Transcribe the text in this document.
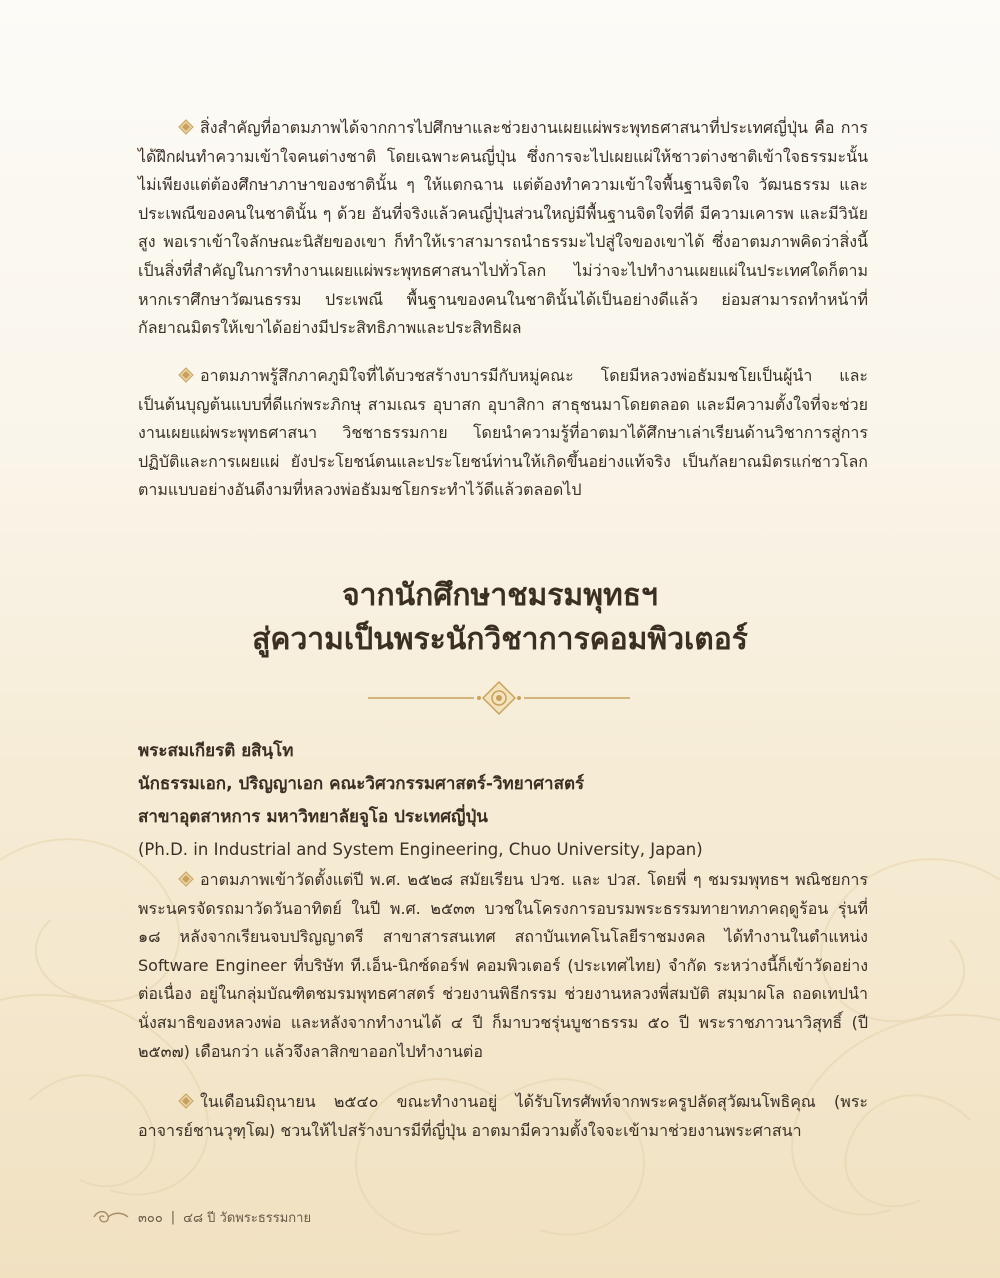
สิ่งสำคัญที่อาตมภาพได้จากการไปศึกษาและช่วยงานเผยแผ่พระพุทธศาสนาที่ประเทศญี่ปุ่น คือ การได้ฝึกฝนทำความเข้าใจคนต่างชาติ โดยเฉพาะคนญี่ปุ่น ซึ่งการจะไปเผยแผ่ให้ชาวต่างชาติเข้าใจธรรมะนั้น ไม่เพียงแต่ต้องศึกษาภาษาของชาตินั้น ๆ ให้แตกฉาน แต่ต้องทำความเข้าใจพื้นฐานจิตใจ วัฒนธรรม และประเพณีของคนในชาตินั้น ๆ ด้วย อันที่จริงแล้วคนญี่ปุ่นส่วนใหญ่มีพื้นฐานจิตใจที่ดี มีความเคารพ และมีวินัยสูง พอเราเข้าใจลักษณะนิสัยของเขา ก็ทำให้เราสามารถนำธรรมะไปสู่ใจของเขาได้ ซึ่งอาตมภาพคิดว่าสิ่งนี้เป็นสิ่งที่สำคัญในการทำงานเผยแผ่พระพุทธศาสนาไปทั่วโลก ไม่ว่าจะไปทำงานเผยแผ่ในประเทศใดก็ตาม หากเราศึกษาวัฒนธรรม ประเพณี พื้นฐานของคนในชาตินั้นได้เป็นอย่างดีแล้ว ย่อมสามารถทำหน้าที่กัลยาณมิตรให้เขาได้อย่างมีประสิทธิภาพและประสิทธิผล
อาตมภาพรู้สึกภาคภูมิใจที่ได้บวชสร้างบารมีกับหมู่คณะ โดยมีหลวงพ่อธัมมชโยเป็นผู้นำ และเป็นต้นบุญต้นแบบที่ดีแก่พระภิกษุ สามเณร อุบาสก อุบาสิกา สาธุชนมาโดยตลอด และมีความตั้งใจที่จะช่วยงานเผยแผ่พระพุทธศาสนา วิชชาธรรมกาย โดยนำความรู้ที่อาตมาได้ศึกษาเล่าเรียนด้านวิชาการสู่การปฏิบัติและการเผยแผ่ ยังประโยชน์ตนและประโยชน์ท่านให้เกิดขึ้นอย่างแท้จริง เป็นกัลยาณมิตรแก่ชาวโลกตามแบบอย่างอันดีงามที่หลวงพ่อธัมมชโยกระทำไว้ดีแล้วตลอดไป
จากนักศึกษาชมรมพุทธฯ
สู่ความเป็นพระนักวิชาการคอมพิวเตอร์
พระสมเกียรติ ยสินฺโท
นักธรรมเอก, ปริญญาเอก คณะวิศวกรรมศาสตร์-วิทยาศาสตร์
สาขาอุตสาหการ มหาวิทยาลัยจูโอ ประเทศญี่ปุ่น
(Ph.D. in Industrial and System Engineering, Chuo University, Japan)
อาตมภาพเข้าวัดตั้งแต่ปี พ.ศ. ๒๕๒๘ สมัยเรียน ปวช. และ ปวส. โดยพี่ ๆ ชมรมพุทธฯ พณิชยการพระนครจัดรถมาวัดวันอาทิตย์ ในปี พ.ศ. ๒๕๓๓ บวชในโครงการอบรมพระธรรมทายาทภาคฤดูร้อน รุ่นที่ ๑๘ หลังจากเรียนจบปริญญาตรี สาขาสารสนเทศ สถาบันเทคโนโลยีราชมงคล ได้ทำงานในตำแหน่ง Software Engineer ที่บริษัท ที.เอ็น-นิกซ์ดอร์ฟ คอมพิวเตอร์ (ประเทศไทย) จำกัด ระหว่างนี้ก็เข้าวัดอย่างต่อเนื่อง อยู่ในกลุ่มบัณฑิตชมรมพุทธศาสตร์ ช่วยงานพิธีกรรม ช่วยงานหลวงพี่สมบัติ สมฺมาผโล ถอดเทปนำนั่งสมาธิของหลวงพ่อ และหลังจากทำงานได้ ๔ ปี ก็มาบวชรุ่นบูชาธรรม ๕๐ ปี พระราชภาวนาวิสุทธิ์ (ปี ๒๕๓๗) เดือนกว่า แล้วจึงลาสิกขาออกไปทำงานต่อ
ในเดือนมิถุนายน ๒๕๔๐ ขณะทำงานอยู่ ได้รับโทรศัพท์จากพระครูปลัดสุวัฒนโพธิคุณ (พระอาจารย์ชานวุฑฺโฒ) ชวนให้ไปสร้างบารมีที่ญี่ปุ่น อาตมามีความตั้งใจจะเข้ามาช่วยงานพระศาสนา
๓๐๐ | ๔๘ ปี วัดพระธรรมกาย
